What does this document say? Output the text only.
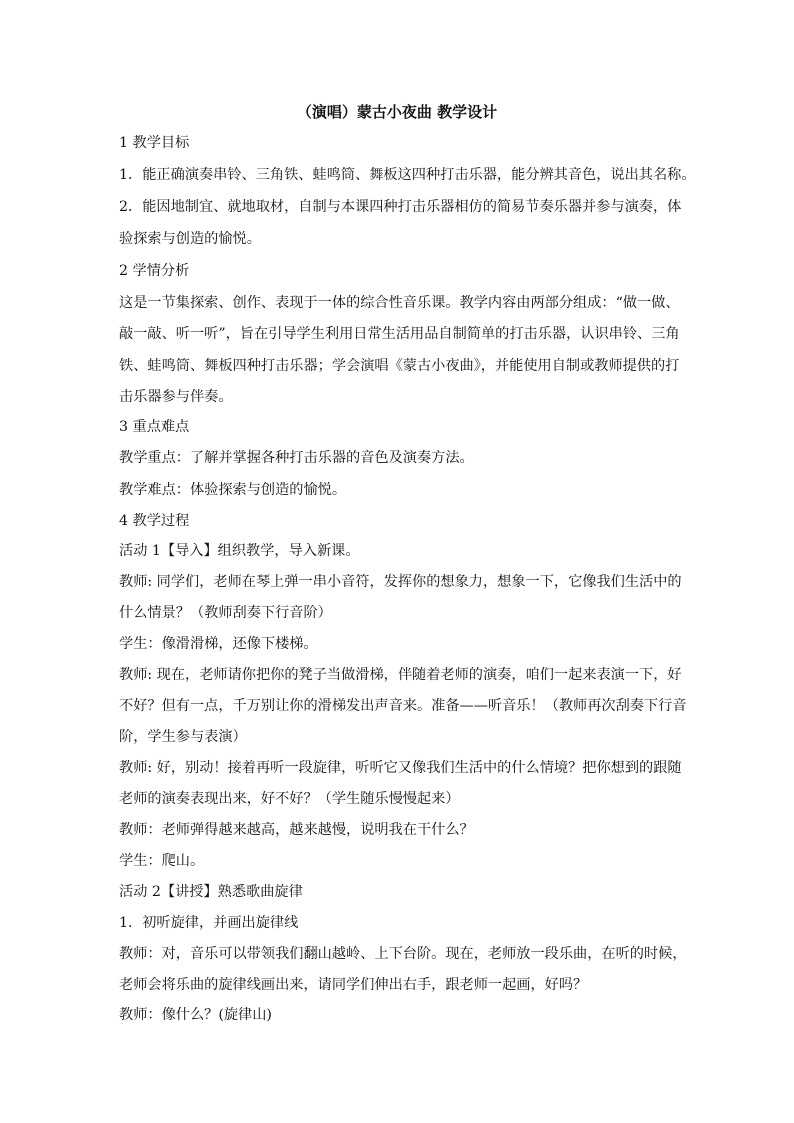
（演唱）蒙古小夜曲 教学设计
1 教学目标
1．能正确演奏串铃、三角铁、蛙鸣筒、舞板这四种打击乐器，能分辨其音色，说出其名称。
2．能因地制宜、就地取材，自制与本课四种打击乐器相仿的简易节奏乐器并参与演奏，体
验探索与创造的愉悦。
2 学情分析
这是一节集探索、创作、表现于一体的综合性音乐课。教学内容由两部分组成：“做一做、
敲一敲、听一听”，旨在引导学生利用日常生活用品自制简单的打击乐器，认识串铃、三角
铁、蛙鸣筒、舞板四种打击乐器；学会演唱《蒙古小夜曲》，并能使用自制或教师提供的打
击乐器参与伴奏。
3 重点难点
教学重点：了解并掌握各种打击乐器的音色及演奏方法。
教学难点：体验探索与创造的愉悦。
4 教学过程
活动 1【导入】组织教学，导入新课。
教师: 同学们，老师在琴上弹一串小音符，发挥你的想象力，想象一下，它像我们生活中的
什么情景？（教师刮奏下行音阶）
学生：像滑滑梯，还像下楼梯。
教师: 现在，老师请你把你的凳子当做滑梯，伴随着老师的演奏，咱们一起来表演一下，好
不好？但有一点，千万别让你的滑梯发出声音来。准备——听音乐！（教师再次刮奏下行音
阶，学生参与表演）
教师: 好，别动！接着再听一段旋律，听听它又像我们生活中的什么情境？把你想到的跟随
老师的演奏表现出来，好不好？（学生随乐慢慢起来）
教师：老师弹得越来越高，越来越慢，说明我在干什么？
学生：爬山。
活动 2【讲授】熟悉歌曲旋律
1．初听旋律，并画出旋律线
教师：对，音乐可以带领我们翻山越岭、上下台阶。现在，老师放一段乐曲，在听的时候，
老师会将乐曲的旋律线画出来，请同学们伸出右手，跟老师一起画，好吗？
教师：像什么？(旋律山)
